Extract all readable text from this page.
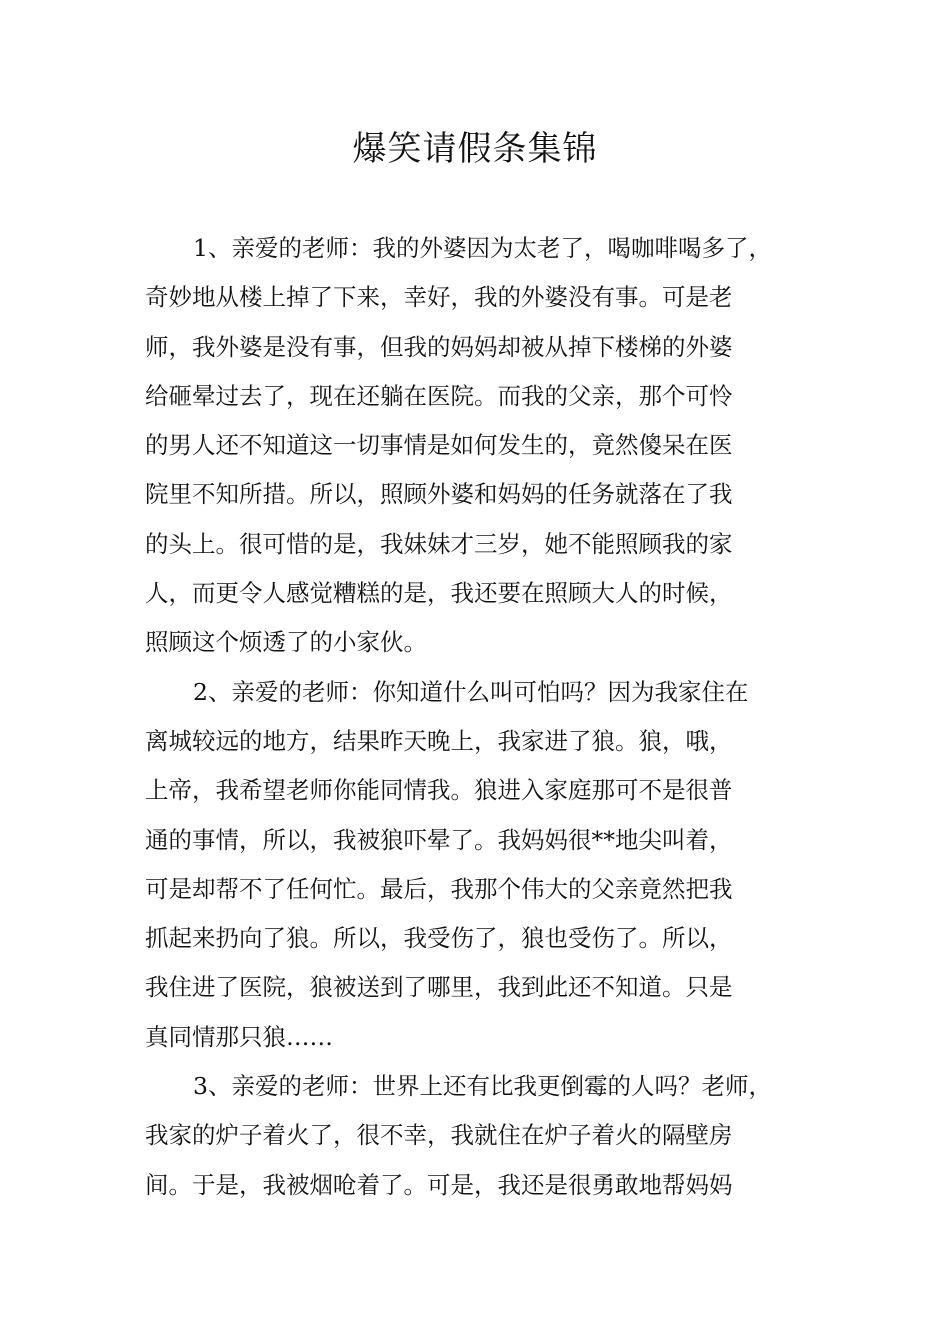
爆笑请假条集锦

1、亲爱的老师：我的外婆因为太老了，喝咖啡喝多了，
奇妙地从楼上掉了下来，幸好，我的外婆没有事。可是老
师，我外婆是没有事，但我的妈妈却被从掉下楼梯的外婆
给砸晕过去了，现在还躺在医院。而我的父亲，那个可怜
的男人还不知道这一切事情是如何发生的，竟然傻呆在医
院里不知所措。所以，照顾外婆和妈妈的任务就落在了我
的头上。很可惜的是，我妹妹才三岁，她不能照顾我的家
人，而更令人感觉糟糕的是，我还要在照顾大人的时候，
照顾这个烦透了的小家伙。

2、亲爱的老师：你知道什么叫可怕吗？因为我家住在
离城较远的地方，结果昨天晚上，我家进了狼。狼，哦，
上帝，我希望老师你能同情我。狼进入家庭那可不是很普
通的事情，所以，我被狼吓晕了。我妈妈很**地尖叫着，
可是却帮不了任何忙。最后，我那个伟大的父亲竟然把我
抓起来扔向了狼。所以，我受伤了，狼也受伤了。所以，
我住进了医院，狼被送到了哪里，我到此还不知道。只是
真同情那只狼……

3、亲爱的老师：世界上还有比我更倒霉的人吗？老师，
我家的炉子着火了，很不幸，我就住在炉子着火的隔壁房
间。于是，我被烟呛着了。可是，我还是很勇敢地帮妈妈
